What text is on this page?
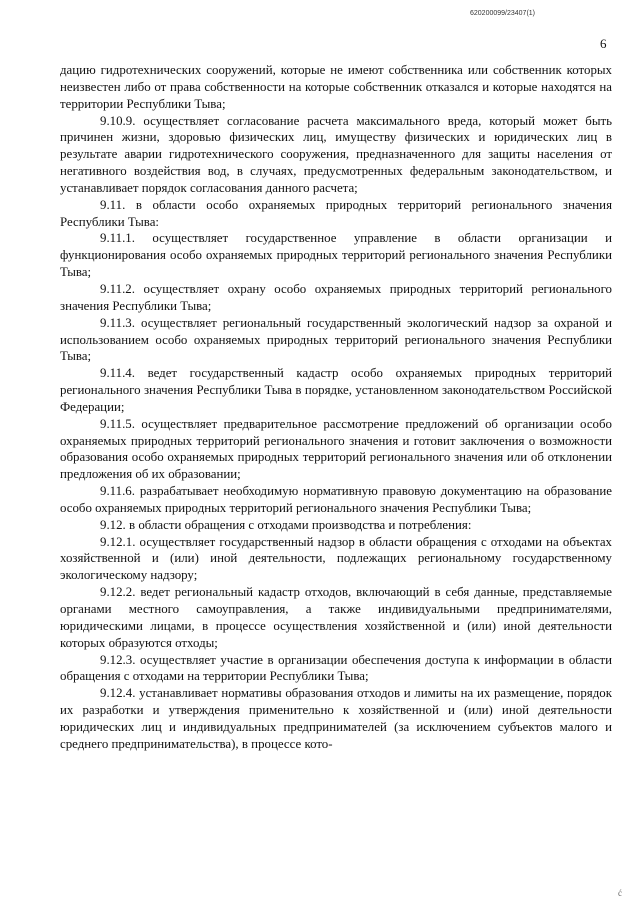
620200099/23407(1)
6

дацию гидротехнических сооружений, которые не имеют собственника или собственник которых неизвестен либо от права собственности на которые собственник отказался и которые находятся на территории Республики Тыва;

9.10.9. осуществляет согласование расчета максимального вреда, который может быть причинен жизни, здоровью физических лиц, имуществу физических и юридических лиц в результате аварии гидротехнического сооружения, предназначенного для защиты населения от негативного воздействия вод, в случаях, предусмотренных федеральным законодательством, и устанавливает порядок согласования данного расчета;

9.11. в области особо охраняемых природных территорий регионального значения Республики Тыва:

9.11.1. осуществляет государственное управление в области организации и функционирования особо охраняемых природных территорий регионального значения Республики Тыва;

9.11.2. осуществляет охрану особо охраняемых природных территорий регионального значения Республики Тыва;

9.11.3. осуществляет региональный государственный экологический надзор за охраной и использованием особо охраняемых природных территорий регионального значения Республики Тыва;

9.11.4. ведет государственный кадастр особо охраняемых природных территорий регионального значения Республики Тыва в порядке, установленном законодательством Российской Федерации;

9.11.5. осуществляет предварительное рассмотрение предложений об организации особо охраняемых природных территорий регионального значения и готовит заключения о возможности образования особо охраняемых природных территорий регионального значения или об отклонении предложения об их образовании;

9.11.6. разрабатывает необходимую нормативную правовую документацию на образование особо охраняемых природных территорий регионального значения Республики Тыва;

9.12. в области обращения с отходами производства и потребления:

9.12.1. осуществляет государственный надзор в области обращения с отходами на объектах хозяйственной и (или) иной деятельности, подлежащих региональному государственному экологическому надзору;

9.12.2. ведет региональный кадастр отходов, включающий в себя данные, представляемые органами местного самоуправления, а также индивидуальными предпринимателями, юридическими лицами, в процессе осуществления хозяйственной и (или) иной деятельности которых образуются отходы;

9.12.3. осуществляет участие в организации обеспечения доступа к информации в области обращения с отходами на территории Республики Тыва;

9.12.4. устанавливает нормативы образования отходов и лимиты на их размещение, порядок их разработки и утверждения применительно к хозяйственной и (или) иной деятельности юридических лиц и индивидуальных предпринимателей (за исключением субъектов малого и среднего предпринимательства), в процессе кото-

ć
